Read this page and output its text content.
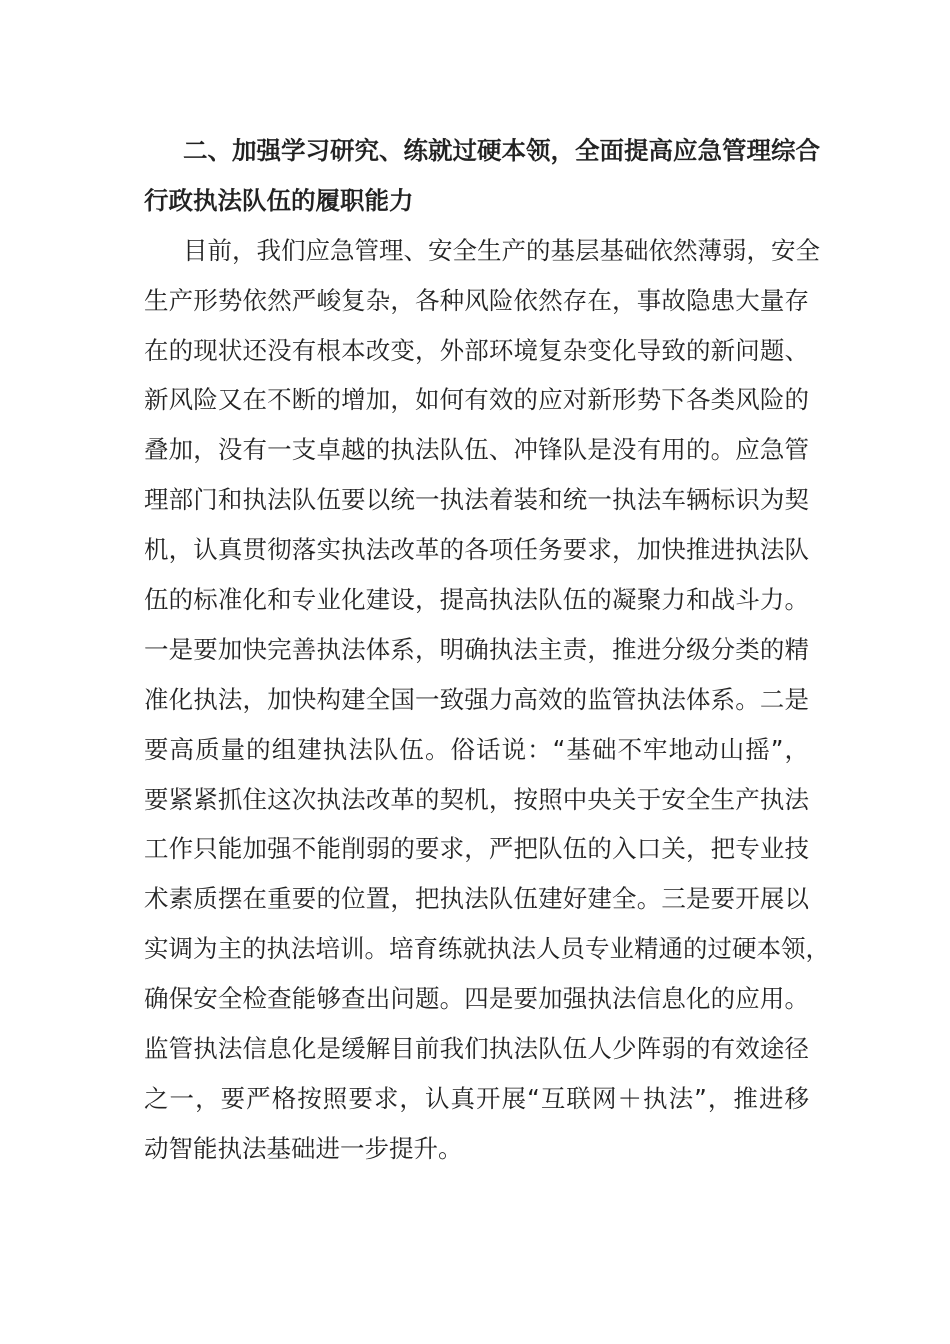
二、加强学习研究、练就过硬本领，全面提高应急管理综合
行政执法队伍的履职能力
目前，我们应急管理、安全生产的基层基础依然薄弱，安全
生产形势依然严峻复杂，各种风险依然存在，事故隐患大量存
在的现状还没有根本改变，外部环境复杂变化导致的新问题、
新风险又在不断的增加，如何有效的应对新形势下各类风险的
叠加，没有一支卓越的执法队伍、冲锋队是没有用的。应急管
理部门和执法队伍要以统一执法着装和统一执法车辆标识为契
机，认真贯彻落实执法改革的各项任务要求，加快推进执法队
伍的标准化和专业化建设，提高执法队伍的凝聚力和战斗力。
一是要加快完善执法体系，明确执法主责，推进分级分类的精
准化执法，加快构建全国一致强力高效的监管执法体系。二是
要高质量的组建执法队伍。俗话说：“基础不牢地动山摇”，
要紧紧抓住这次执法改革的契机，按照中央关于安全生产执法
工作只能加强不能削弱的要求，严把队伍的入口关，把专业技
术素质摆在重要的位置，把执法队伍建好建全。三是要开展以
实调为主的执法培训。培育练就执法人员专业精通的过硬本领，
确保安全检查能够查出问题。四是要加强执法信息化的应用。
监管执法信息化是缓解目前我们执法队伍人少阵弱的有效途径
之一，要严格按照要求，认真开展“互联网＋执法”，推进移
动智能执法基础进一步提升。
